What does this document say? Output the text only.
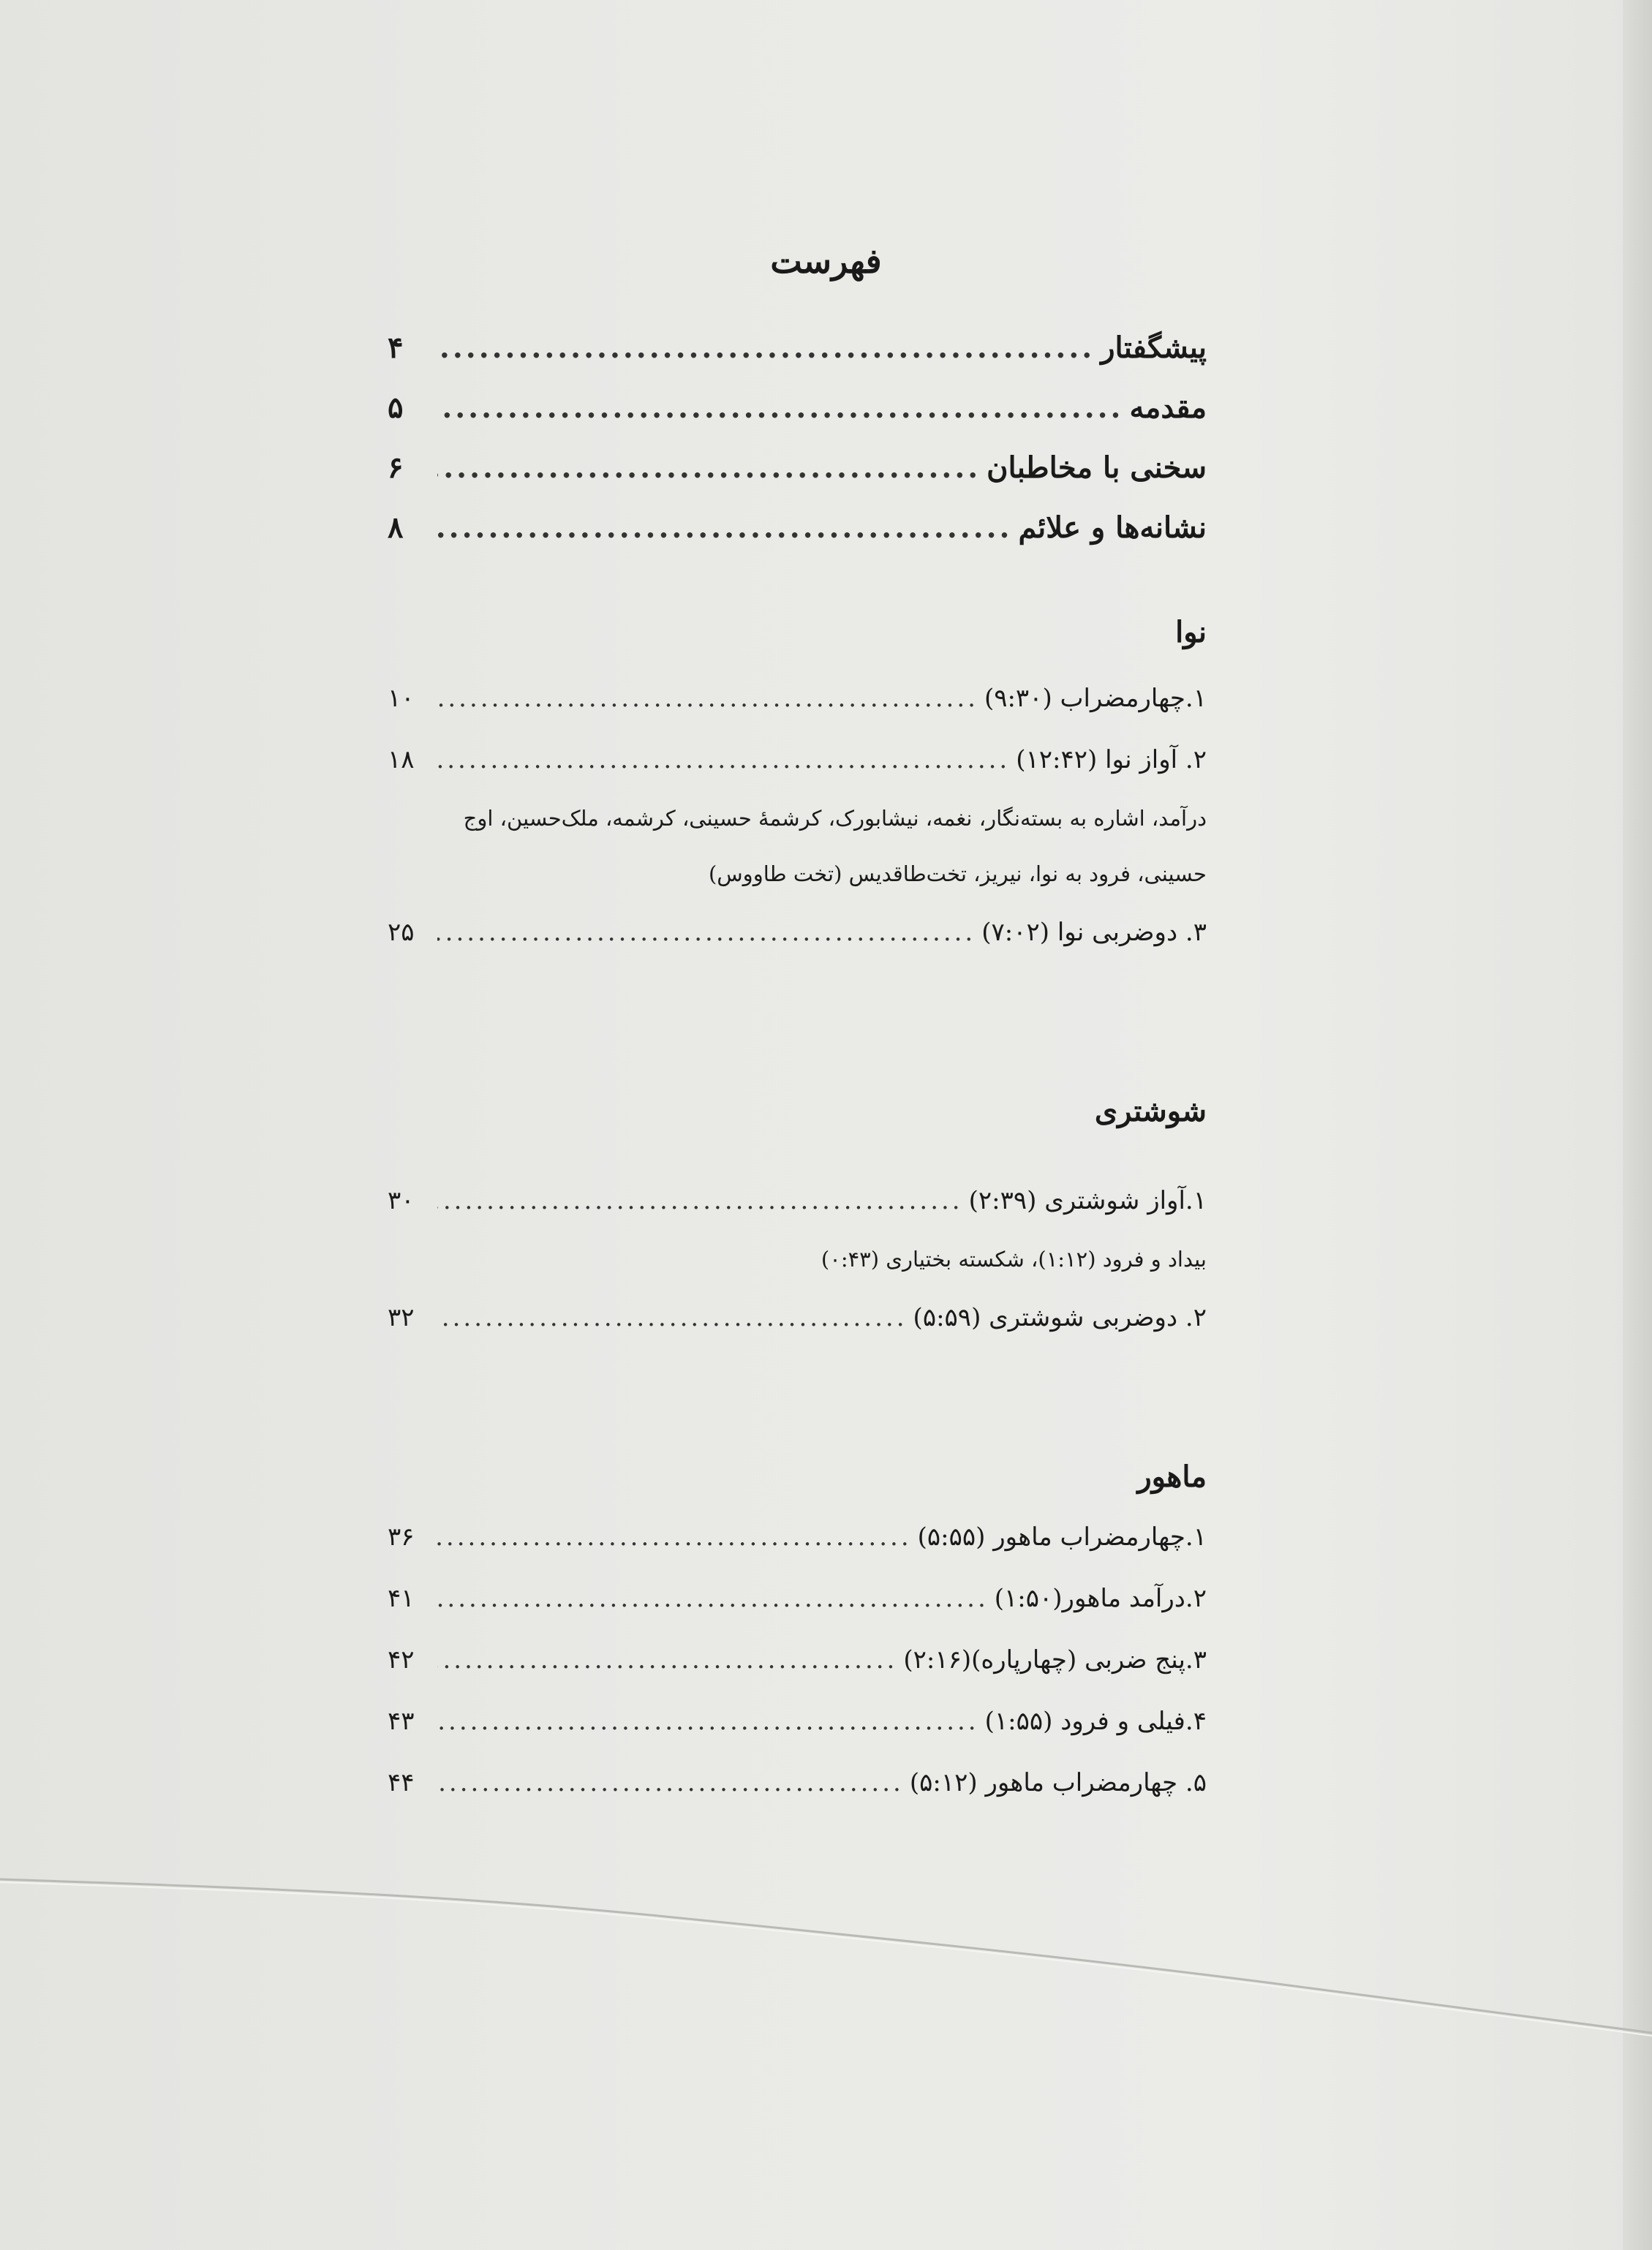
فهرست
پیشگفتار
.....
۴
مقدمه
.....
۵
سخنی با مخاطبان
.....
۶
نشانه‌ها و علائم
.....
۸
نوا
۱.چهارمضراب (۹:۳۰)
.....
۱۰
۲. آواز نوا (۱۲:۴۲)
.....
۱۸
درآمد، اشاره به بسته‌نگار، نغمه، نیشابورک، کرشمهٔ حسینی، کرشمه، ملک‌حسین، اوج
حسینی، فرود به نوا، نیریز، تخت‌طاقدیس (تخت طاووس)
۳. دوضربی نوا (۷:۰۲)
.....
۲۵
شوشتری
۱.آواز شوشتری (۲:۳۹)
.....
۳۰
بیداد و فرود (۱:۱۲)، شکسته بختیاری (۰:۴۳)
۲. دوضربی شوشتری (۵:۵۹)
.....
۳۲
ماهور
۱.چهارمضراب ماهور (۵:۵۵)
.....
۳۶
۲.درآمد ماهور(۱:۵۰)
.....
۴۱
۳.پنج ضربی (چهارپاره)(۲:۱۶)
.....
۴۲
۴.فیلی و فرود (۱:۵۵)
.....
۴۳
۵. چهارمضراب ماهور (۵:۱۲)
.....
۴۴
